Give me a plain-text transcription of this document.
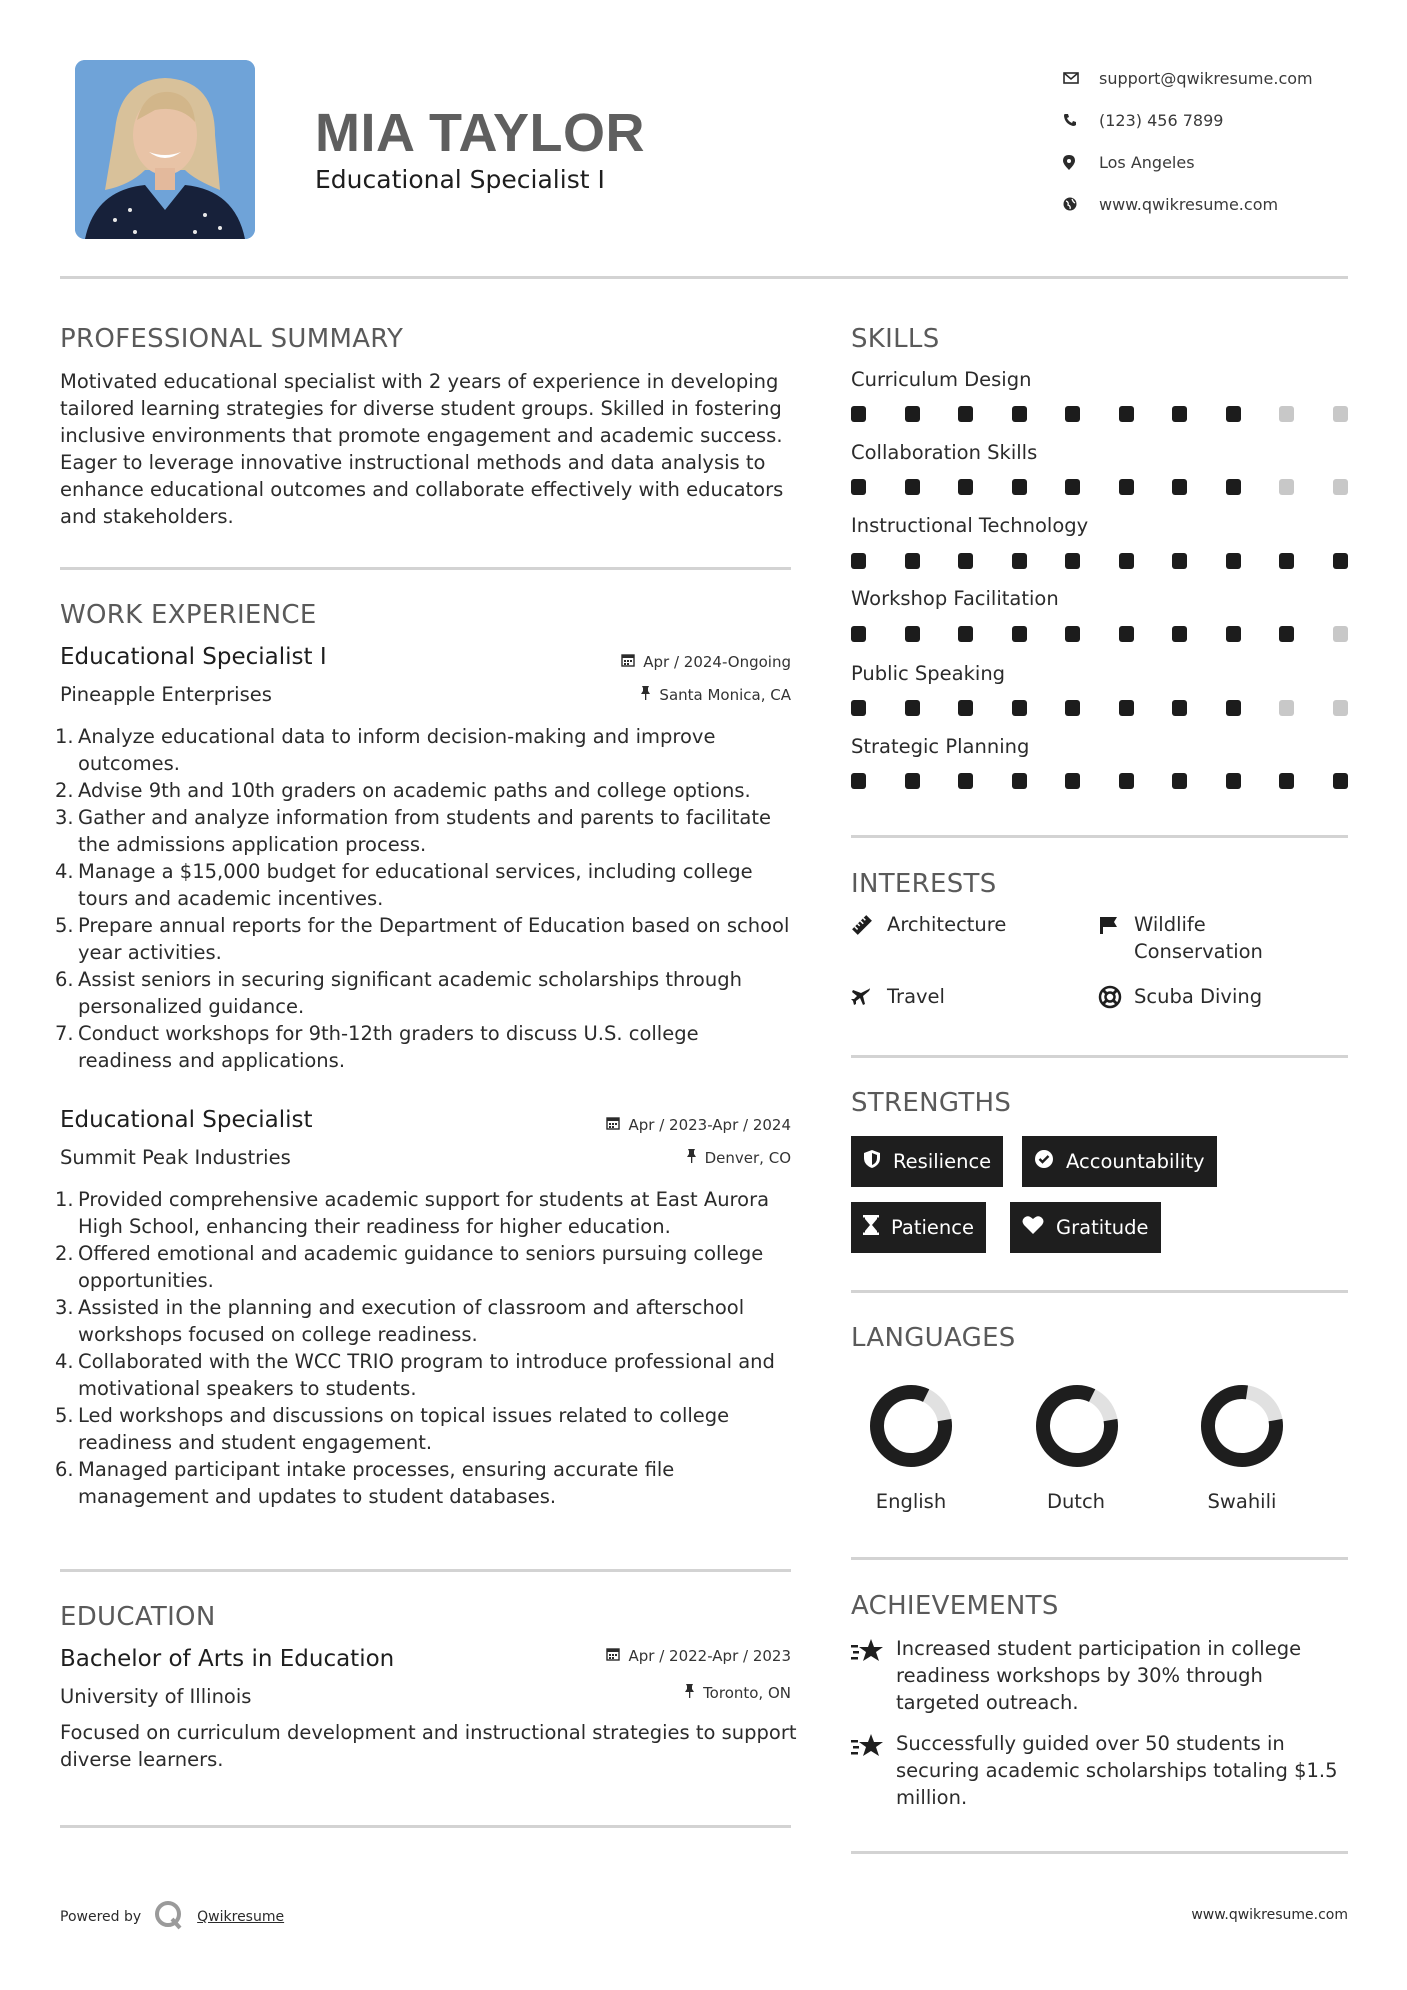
MIA TAYLOR
Educational Specialist I
support@qwikresume.com
(123) 456 7899
Los Angeles
www.qwikresume.com
PROFESSIONAL SUMMARY
Motivated educational specialist with 2 years of experience in developing tailored learning strategies for diverse student groups. Skilled in fostering inclusive environments that promote engagement and academic success. Eager to leverage innovative instructional methods and data analysis to enhance educational outcomes and collaborate effectively with educators and stakeholders.
WORK EXPERIENCE
Educational Specialist I	Apr / 2024-Ongoing
Pineapple Enterprises	Santa Monica, CA
1. Analyze educational data to inform decision-making and improve outcomes.
2. Advise 9th and 10th graders on academic paths and college options.
3. Gather and analyze information from students and parents to facilitate the admissions application process.
4. Manage a $15,000 budget for educational services, including college tours and academic incentives.
5. Prepare annual reports for the Department of Education based on school year activities.
6. Assist seniors in securing significant academic scholarships through personalized guidance.
7. Conduct workshops for 9th-12th graders to discuss U.S. college readiness and applications.
Educational Specialist	Apr / 2023-Apr / 2024
Summit Peak Industries	Denver, CO
1. Provided comprehensive academic support for students at East Aurora High School, enhancing their readiness for higher education.
2. Offered emotional and academic guidance to seniors pursuing college opportunities.
3. Assisted in the planning and execution of classroom and afterschool workshops focused on college readiness.
4. Collaborated with the WCC TRIO program to introduce professional and motivational speakers to students.
5. Led workshops and discussions on topical issues related to college readiness and student engagement.
6. Managed participant intake processes, ensuring accurate file management and updates to student databases.
EDUCATION
Bachelor of Arts in Education	Apr / 2022-Apr / 2023
University of Illinois	Toronto, ON
Focused on curriculum development and instructional strategies to support diverse learners.
SKILLS
Curriculum Design
Collaboration Skills
Instructional Technology
Workshop Facilitation
Public Speaking
Strategic Planning
INTERESTS
Architecture	Wildlife Conservation
Travel	Scuba Diving
STRENGTHS
Resilience	Accountability
Patience	Gratitude
LANGUAGES
English	Dutch	Swahili
ACHIEVEMENTS
Increased student participation in college readiness workshops by 30% through targeted outreach.
Successfully guided over 50 students in securing academic scholarships totaling $1.5 million.
Powered by	Qwikresume	www.qwikresume.com
